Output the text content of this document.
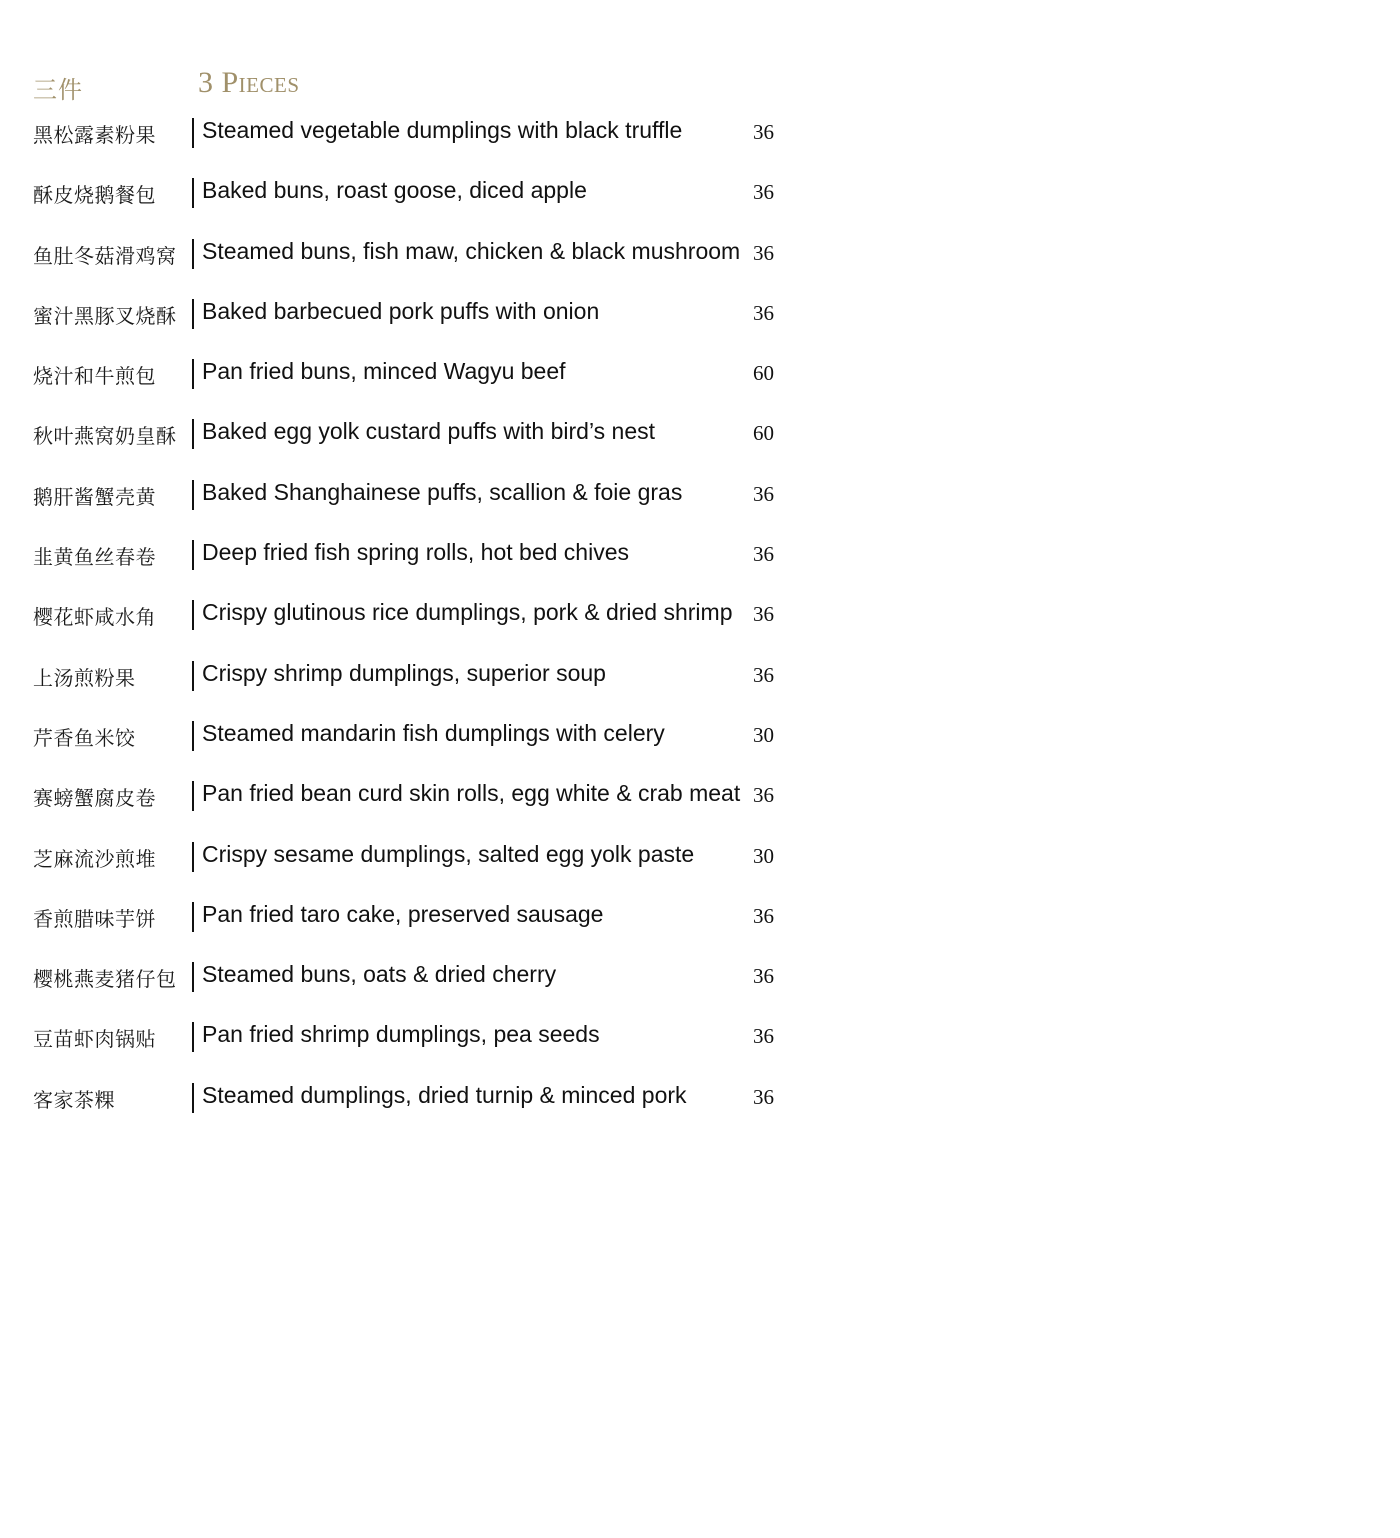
三件	3 Pieces
黑松露素粉果 Steamed vegetable dumplings with black truffle	36
酥皮烧鹅餐包 Baked buns, roast goose, diced apple	36
鱼肚冬菇滑鸡窝 Steamed buns, fish maw, chicken & black mushroom 36
蜜汁黑豚叉烧酥 Baked barbecued pork puffs with onion	36
烧汁和牛煎包 Pan fried buns, minced Wagyu beef	60
秋叶燕窝奶皇酥 Baked egg yolk custard puffs with bird’s nest	60
鹅肝酱蟹壳黄 Baked Shanghainese puffs, scallion & foie gras	36
韭黄鱼丝春卷 Deep fried fish spring rolls, hot bed chives	36
樱花虾咸水角 Crispy glutinous rice dumplings, pork & dried shrimp 36
上汤煎粉果	Crispy shrimp dumplings, superior soup	36
芹香鱼米饺	Steamed mandarin fish dumplings with celery	30
赛螃蟹腐皮卷 Pan fried bean curd skin rolls, egg white & crab meat 36
芝麻流沙煎堆 Crispy sesame dumplings, salted egg yolk paste	30
香煎腊味芋饼 Pan fried taro cake, preserved sausage	36
樱桃燕麦猪仔包 Steamed buns, oats & dried cherry	36
豆苗虾肉锅贴 Pan fried shrimp dumplings, pea seeds	36
客家茶粿	Steamed dumplings, dried turnip & minced pork	36
